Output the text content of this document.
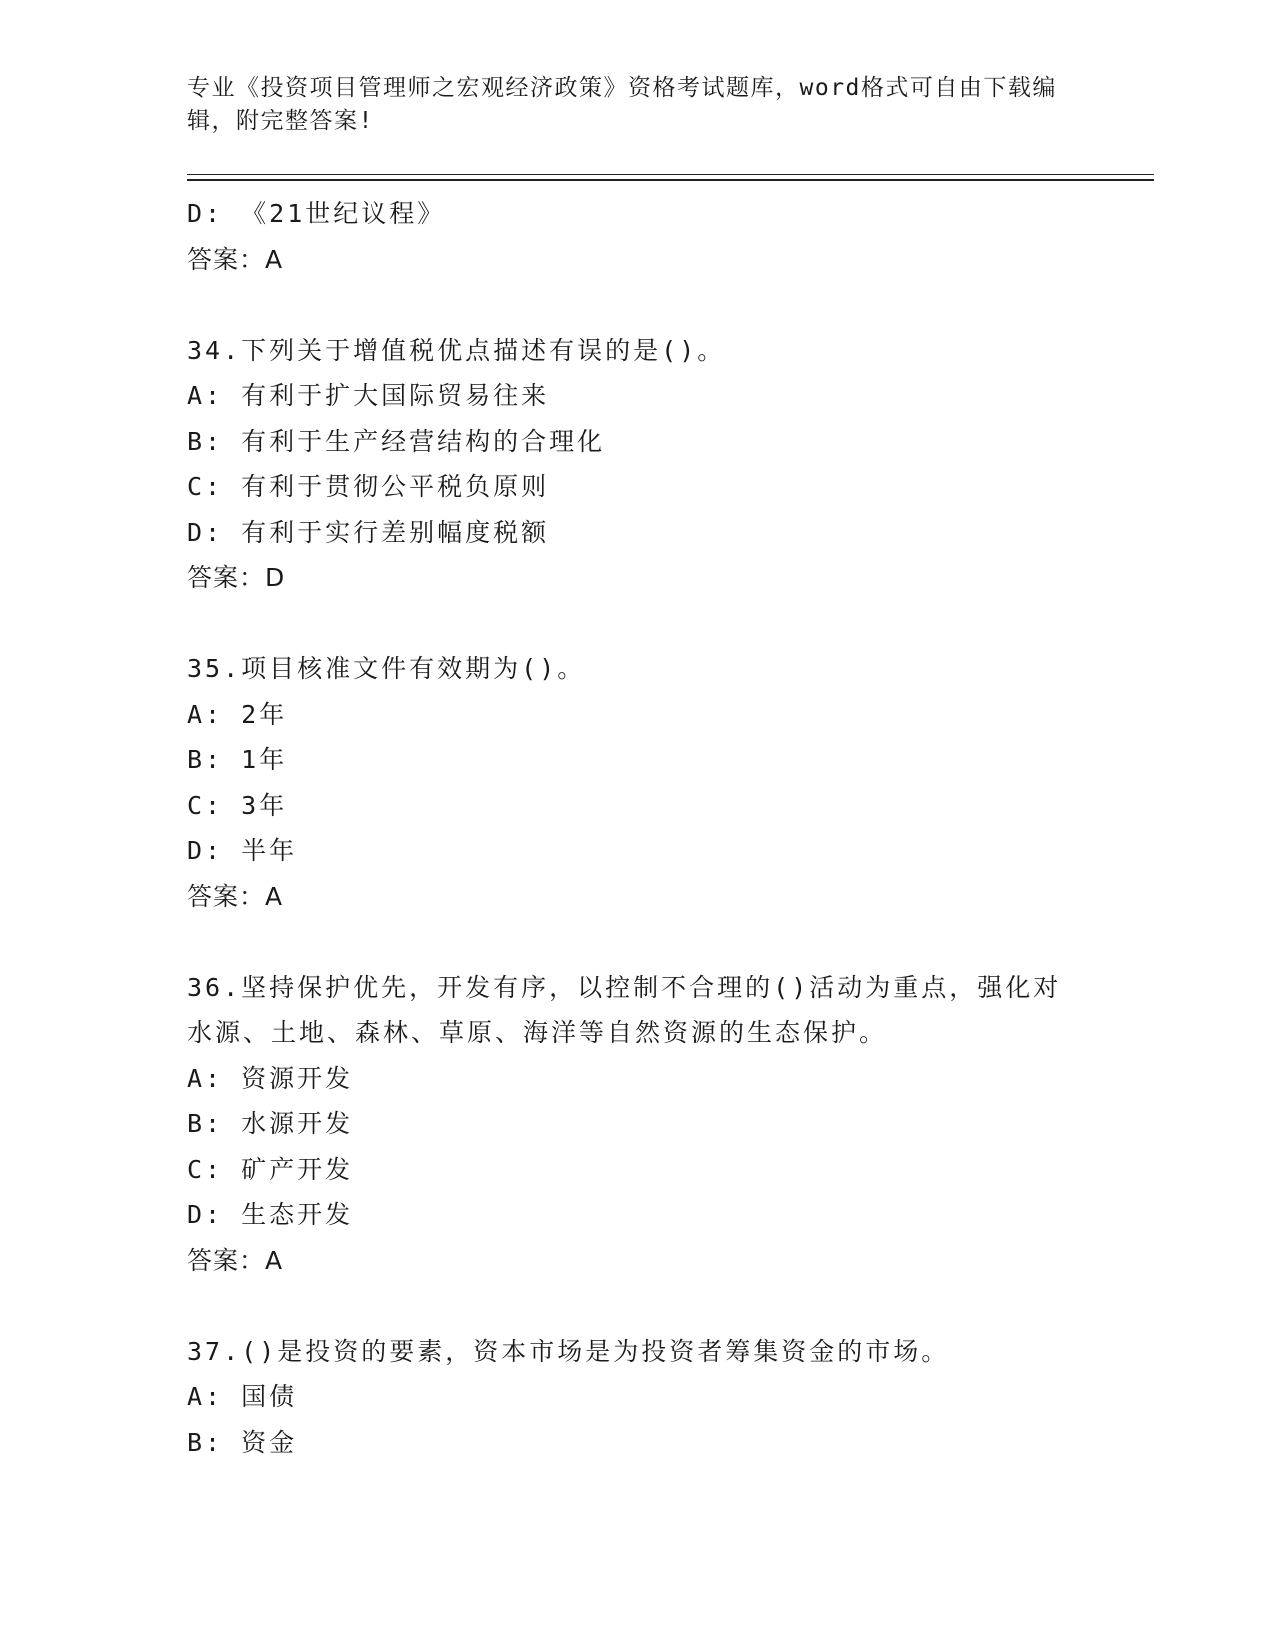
专业《投资项目管理师之宏观经济政策》资格考试题库，word格式可自由下载编辑，附完整答案!
D: 《21世纪议程》
答案：A
34.下列关于增值税优点描述有误的是()。
A: 有利于扩大国际贸易往来
B: 有利于生产经营结构的合理化
C: 有利于贯彻公平税负原则
D: 有利于实行差别幅度税额
答案：D
35.项目核准文件有效期为()。
A: 2年
B: 1年
C: 3年
D: 半年
答案：A
36.坚持保护优先，开发有序，以控制不合理的()活动为重点，强化对水源、土地、森林、草原、海洋等自然资源的生态保护。
A: 资源开发
B: 水源开发
C: 矿产开发
D: 生态开发
答案：A
37.()是投资的要素，资本市场是为投资者筹集资金的市场。
A: 国债
B: 资金
